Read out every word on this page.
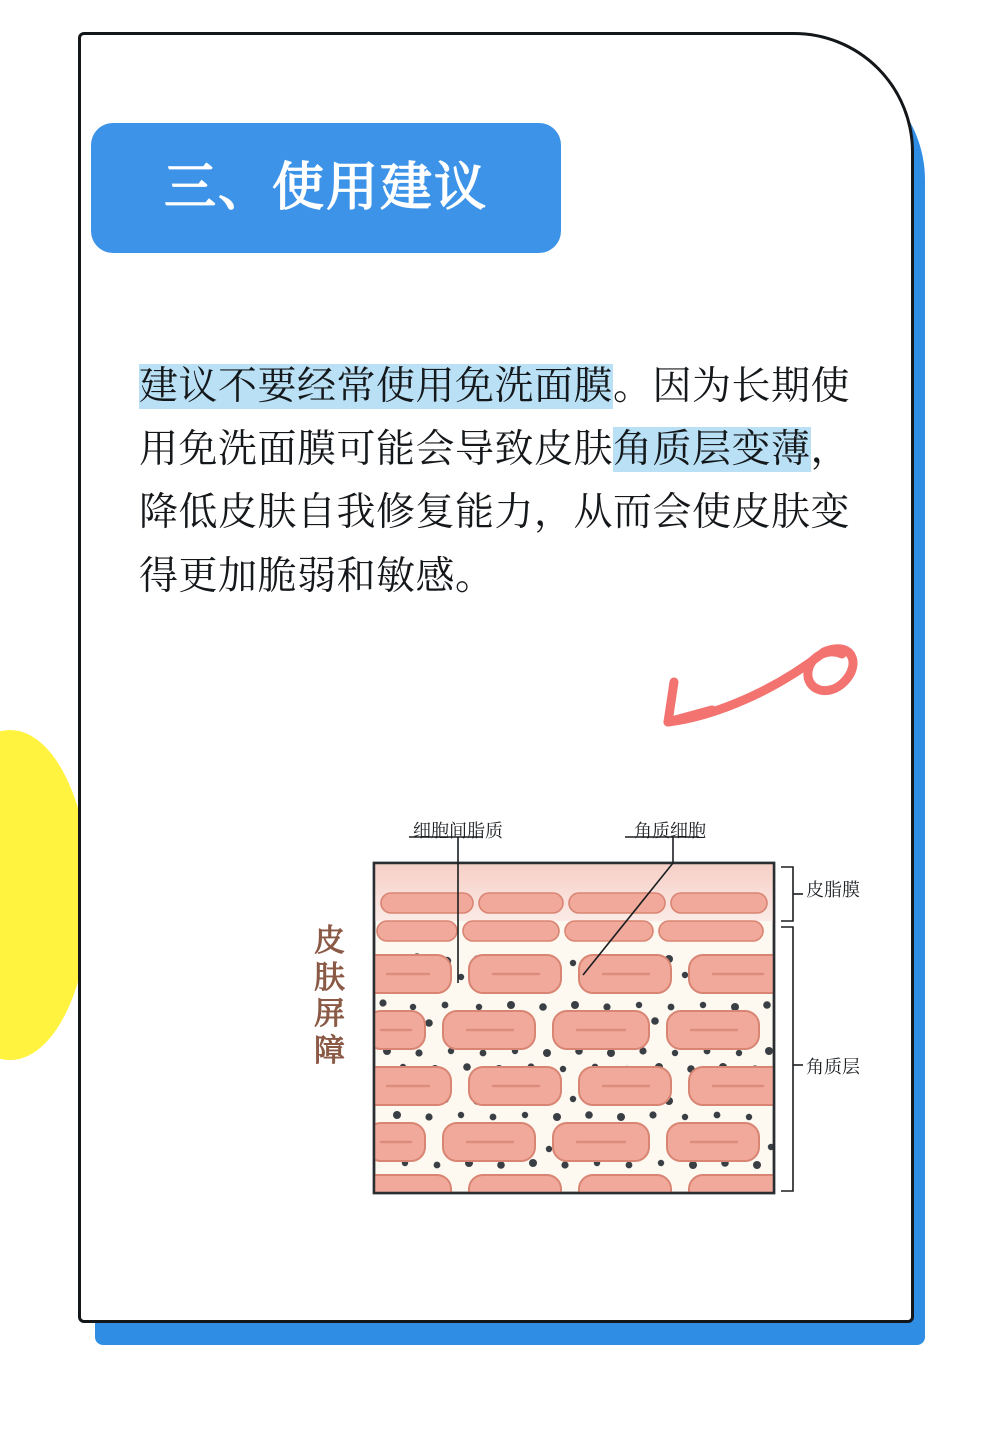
三、使用建议
建议不要经常使用免洗面膜。因为长期使用免洗面膜可能会导致皮肤角质层变薄，降低皮肤自我修复能力，从而会使皮肤变得更加脆弱和敏感。
皮肤屏障
细胞间脂质	角质细胞
皮脂膜
角质层
